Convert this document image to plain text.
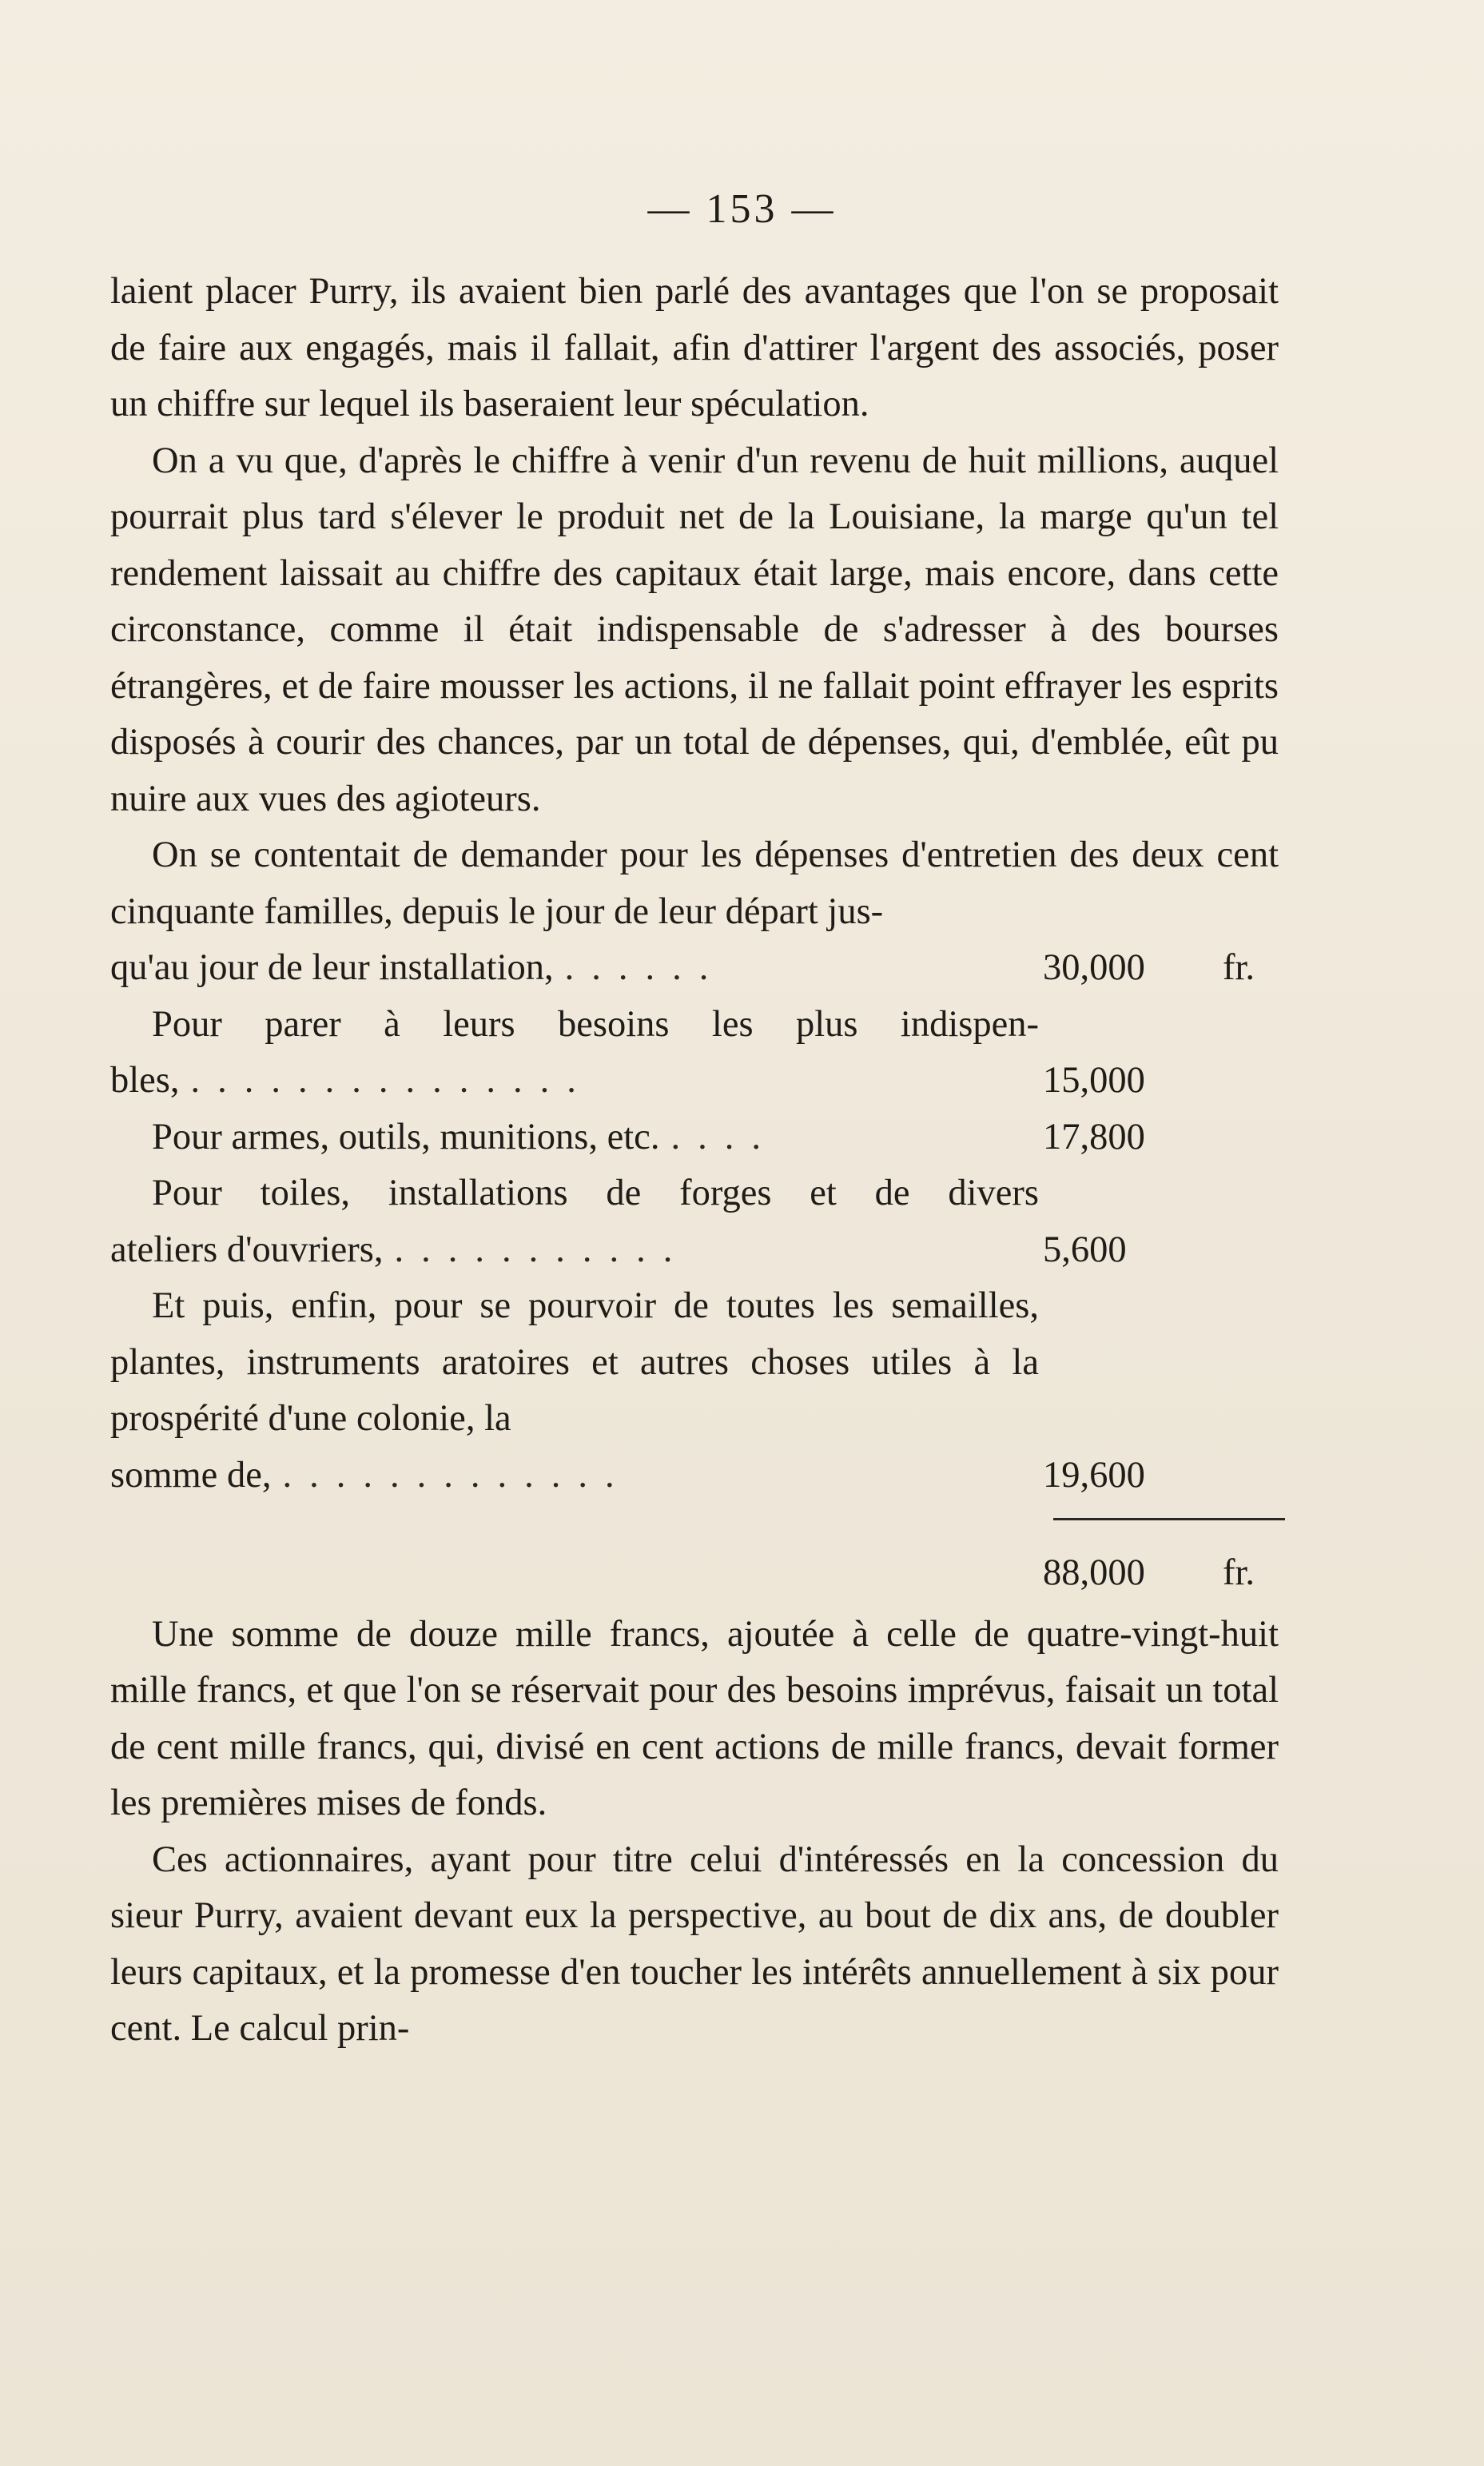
— 153 —

laient placer Purry, ils avaient bien parlé des avantages que l'on se proposait de faire aux engagés, mais il fallait, afin d'attirer l'argent des associés, poser un chiffre sur lequel ils baseraient leur spéculation.

On a vu que, d'après le chiffre à venir d'un revenu de huit millions, auquel pourrait plus tard s'élever le produit net de la Louisiane, la marge qu'un tel rendement laissait au chiffre des capitaux était large, mais encore, dans cette circonstance, comme il était indispensable de s'adresser à des bourses étrangères, et de faire mousser les actions, il ne fallait point effrayer les esprits disposés à courir des chances, par un total de dépenses, qui, d'emblée, eût pu nuire aux vues des agioteurs.

On se contentait de demander pour les dépenses d'entretien des deux cent cinquante familles, depuis le jour de leur départ jus-

qu'au jour de leur installation, ......	30,000	fr.

Pour parer à leurs besoins les plus indispen-

bles, ...............	15,000
Pour armes, outils, munitions, etc. ....	17,800

Pour toiles, installations de forges et de divers

ateliers d'ouvriers, ...........	5,600

Et puis, enfin, pour se pourvoir de toutes les semailles, plantes, instruments aratoires et autres choses utiles à la prospérité d'une colonie, la

somme de, .............	19,600
88,000	fr.

Une somme de douze mille francs, ajoutée à celle de quatre-vingt-huit mille francs, et que l'on se réservait pour des besoins imprévus, faisait un total de cent mille francs, qui, divisé en cent actions de mille francs, devait former les premières mises de fonds.

Ces actionnaires, ayant pour titre celui d'intéressés en la concession du sieur Purry, avaient devant eux la perspective, au bout de dix ans, de doubler leurs capitaux, et la promesse d'en toucher les intérêts annuellement à six pour cent. Le calcul prin-
